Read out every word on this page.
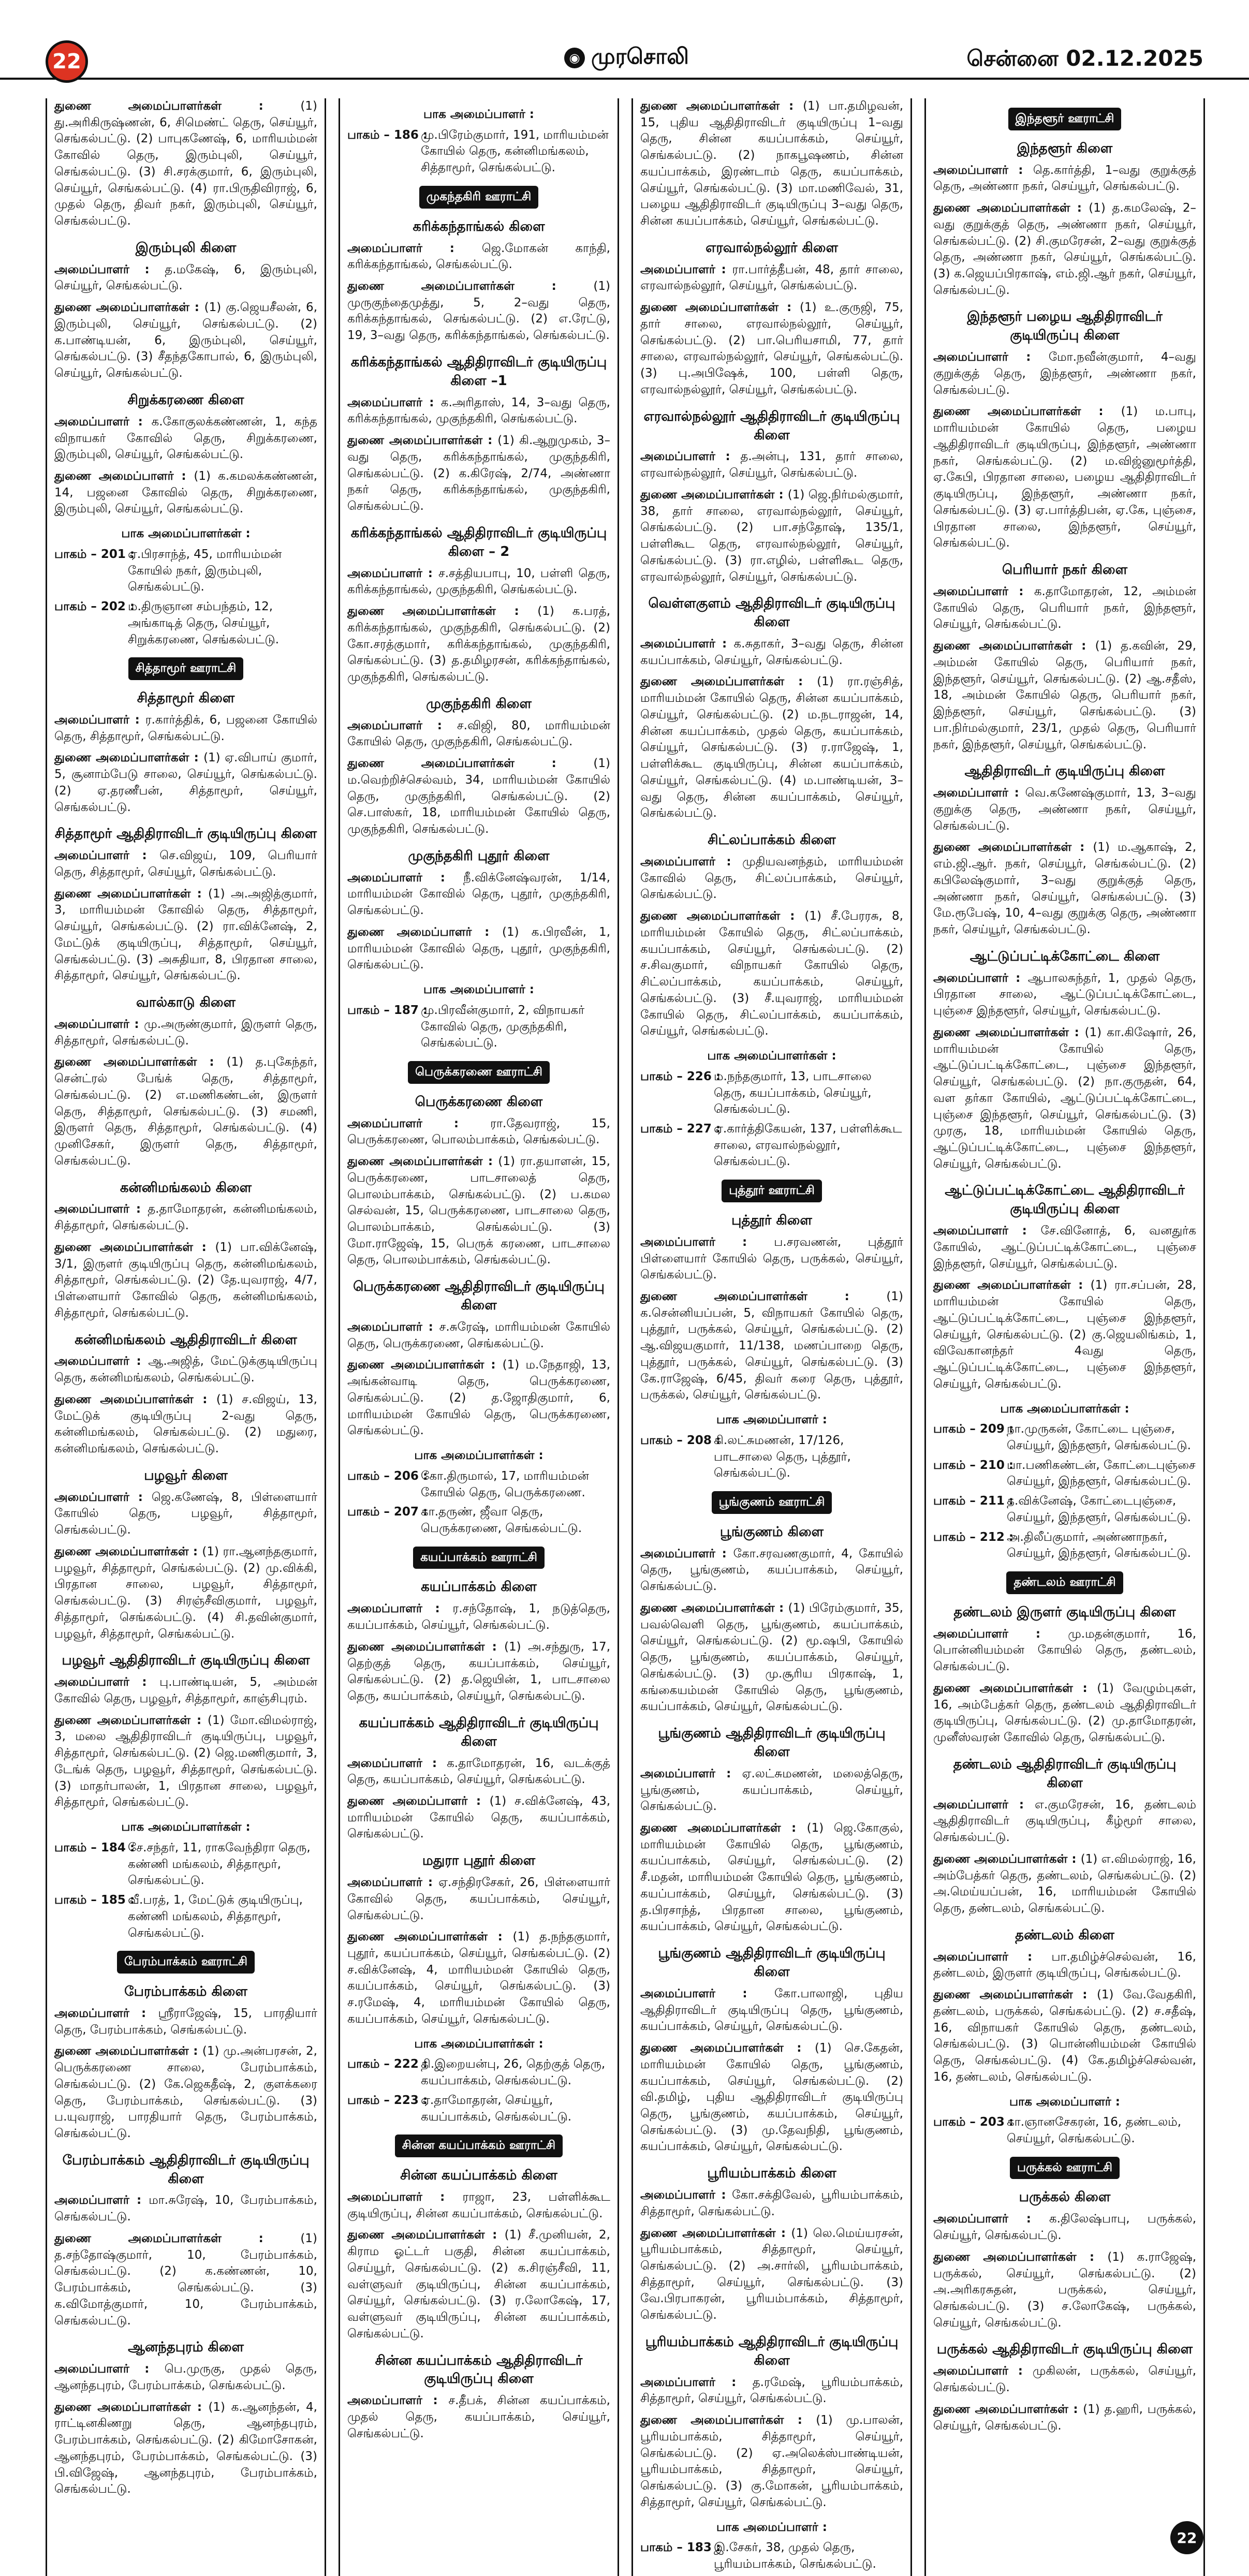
22	◉ முரசொலி	சென்னை 02.12.2025

துணை அமைப்பாளர்கள் : (1) து.அரிகிருஷ்ணன், 6, சிமெண்ட் தெரு, செய்யூர், செங்கல்பட்டு. (2) பாபுகணேஷ், 6, மாரியம்மன் கோவில் தெரு, இரும்புலி, செய்யூர், செங்கல்பட்டு. (3) சி.சரக்குமார், 6, இரும்புலி, செய்யூர், செங்கல்பட்டு. (4) ரா.பிருதிவிராஜ், 6, முதல் தெரு, திவர் நகர், இரும்புலி, செய்யூர், செங்கல்பட்டு.

இரும்புலி கிளை

அமைப்பாளர் : த.மகேஷ், 6, இரும்புலி, செய்யூர், செங்கல்பட்டு.

துணை அமைப்பாளர்கள் : (1) கு.ஜெயசீலன், 6, இரும்புலி, செய்யூர், செங்கல்பட்டு. (2) க.பாண்டியன், 6, இரும்புலி, செய்யூர், செங்கல்பட்டு. (3) சீதந்தகோபால், 6, இரும்புலி, செய்யூர், செங்கல்பட்டு.

சிறுக்கரணை கிளை

அமைப்பாளர் : க.கோகுலக்கண்ணன், 1, கந்த விநாயகர் கோவில் தெரு, சிறுக்கரணை, இரும்புலி, செய்யூர், செங்கல்பட்டு.

துணை அமைப்பாளர் : (1) க.கமலக்கண்ணன், 14, பஜனை கோவில் தெரு, சிறுக்கரணை, இரும்புலி, செய்யூர், செங்கல்பட்டு.

பாக அமைப்பாளர்கள் :
பாகம் – 201 :
ஏ.பிரசாந்த், 45, மாரியம்மன் கோயில் நகர், இரும்புலி, செங்கல்பட்டு.
பாகம் – 202 :
ம.திருஞான சம்பந்தம், 12, அங்காடித் தெரு, செய்யூர், சிறுக்கரணை, செங்கல்பட்டு.
சித்தாமூர் ஊராட்சி
சித்தாமூர் கிளை

அமைப்பாளர் : ர.கார்த்திக், 6, பஜனை கோயில் தெரு, சித்தாமூர், செங்கல்பட்டு.

துணை அமைப்பாளர்கள் : (1) ஏ.விபாய் குமார், 5, சூனாம்பேடு சாலை, செய்யூர், செங்கல்பட்டு. (2) ஏ.தரணீபன், சித்தாமூர், செய்யூர், செங்கல்பட்டு.

சித்தாமூர் ஆதிதிராவிடர் குடியிருப்பு கிளை

அமைப்பாளர் : செ.விஜய், 109, பெரியார் தெரு, சித்தாமூர், செய்யூர், செங்கல்பட்டு.

துணை அமைப்பாளர்கள் : (1) அ.அஜித்குமார், 3, மாரியம்மன் கோவில் தெரு, சித்தாமூர், செய்யூர், செங்கல்பட்டு. (2) ரா.விக்னேஷ், 2, மேட்டுக் குடியிருப்பு, சித்தாமூர், செய்யூர், செங்கல்பட்டு. (3) அசுதியா, 8, பிரதான சாலை, சித்தாமூர், செய்யூர், செங்கல்பட்டு.

வால்காடு கிளை

அமைப்பாளர் : மு.அருண்குமார், இருளர் தெரு, சித்தாமூர், செங்கல்பட்டு.

துணை அமைப்பாளர்கள் : (1) த.புகேந்தர், சென்ட்ரல் பேங்க் தெரு, சித்தாமூர், செங்கல்பட்டு. (2) எ.மணிகண்டன், இருளர் தெரு, சித்தாமூர், செங்கல்பட்டு. (3) சமணி, இருளர் தெரு, சித்தாமூர், செங்கல்பட்டு. (4) முனிசேகர், இருளர் தெரு, சித்தாமூர், செங்கல்பட்டு.

கன்னிமங்கலம் கிளை

அமைப்பாளர் : த.தாமோதரன், கன்னிமங்கலம், சித்தாமூர், செங்கல்பட்டு.

துணை அமைப்பாளர்கள் : (1) பா.விக்னேஷ், 3/1, இருளர் குடியிருப்பு தெரு, கன்னிமங்கலம், சித்தாமூர், செங்கல்பட்டு. (2) தே.யுவராஜ், 4/7, பிள்ளையார் கோவில் தெரு, கன்னிமங்கலம், சித்தாமூர், செங்கல்பட்டு.

கன்னிமங்கலம் ஆதிதிராவிடர் கிளை

அமைப்பாளர் : ஆ.அஜித், மேட்டுக்குடியிருப்பு தெரு, கன்னிமங்கலம், செங்கல்பட்டு.

துணை அமைப்பாளர்கள் : (1) ச.விஜய், 13, மேட்டுக் குடியிருப்பு 2-வது தெரு, கன்னிமங்கலம், செங்கல்பட்டு. (2) மதுரை, கன்னிமங்கலம், செங்கல்பட்டு.

பழவூர் கிளை

அமைப்பாளர் : ஜெ.கணேஷ், 8, பிள்ளையார் கோயில் தெரு, பழவூர், சித்தாமூர், செங்கல்பட்டு.

துணை அமைப்பாளர்கள் : (1) ரா.ஆனந்தகுமார், பழவூர், சித்தாமூர், செங்கல்பட்டு. (2) மு.விக்கி, பிரதான சாலை, பழவூர், சித்தாமூர், செங்கல்பட்டு. (3) சிரஞ்சீவிகுமார், பழவூர், சித்தாமூர், செங்கல்பட்டு. (4) சி.தவின்குமார், பழவூர், சித்தாமூர், செங்கல்பட்டு.

பழவூர் ஆதிதிராவிடர் குடியிருப்பு கிளை

அமைப்பாளர் : பு.பாண்டியன், 5, அம்மன் கோவில் தெரு, பழவூர், சித்தாமூர், காஞ்சிபுரம்.

துணை அமைப்பாளர்கள் : (1) மோ.விமல்ராஜ், 3, மலை ஆதிதிராவிடர் குடியிருப்பு, பழவூர், சித்தாமூர், செங்கல்பட்டு. (2) ஜெ.மணிகுமார், 3, டேங்க் தெரு, பழவூர், சித்தாமூர், செங்கல்பட்டு. (3) மாதர்பாலன், 1, பிரதான சாலை, பழவூர், சித்தாமூர், செங்கல்பட்டு.

பாக அமைப்பாளர்கள் :
பாகம் – 184 :
சே.சந்தர், 11, ராகவேந்திரா தெரு, கண்ணி மங்கலம், சித்தாமூர், செங்கல்பட்டு.
பாகம் – 185 :
வீ.பரத், 1, மேட்டுக் குடியிருப்பு, கண்ணி மங்கலம், சித்தாமூர், செங்கல்பட்டு.
பேரம்பாக்கம் ஊராட்சி
பேரம்பாக்கம் கிளை

அமைப்பாளர் : ஸ்ரீராஜேஷ், 15, பாரதியார் தெரு, பேரம்பாக்கம், செங்கல்பட்டு.

துணை அமைப்பாளர்கள் : (1) மு.அன்பரசன், 2, பெருக்கரணை சாலை, பேரம்பாக்கம், செங்கல்பட்டு. (2) கே.ஜெகதீஷ், 2, குளக்கரை தெரு, பேரம்பாக்கம், செங்கல்பட்டு. (3) ப.யுவராஜ், பாரதியார் தெரு, பேரம்பாக்கம், செங்கல்பட்டு.

பேரம்பாக்கம் ஆதிதிராவிடர் குடியிருப்பு கிளை

அமைப்பாளர் : மா.சுரேஷ், 10, பேரம்பாக்கம், செங்கல்பட்டு.

துணை அமைப்பாளர்கள் : (1) த.சந்தோஷ்குமார், 10, பேரம்பாக்கம், செங்கல்பட்டு. (2) க.கண்ணன், 10, பேரம்பாக்கம், செங்கல்பட்டு. (3) க.விமோத்குமார், 10, பேரம்பாக்கம், செங்கல்பட்டு.

ஆனந்தபுரம் கிளை

அமைப்பாளர் : பெ.முருகு, முதல் தெரு, ஆனந்தபுரம், பேரம்பாக்கம், செங்கல்பட்டு.

துணை அமைப்பாளர்கள் : (1) க.ஆனந்தன், 4, ராட்டினகிணறு தெரு, ஆனந்தபுரம், பேரம்பாக்கம், செங்கல்பட்டு. (2) கிமோசோகன், ஆனந்தபுரம், பேரம்பாக்கம், செங்கல்பட்டு. (3) பி.விஜேஷ், ஆனந்தபுரம், பேரம்பாக்கம், செங்கல்பட்டு.

பாக அமைப்பாளர் :
பாகம் – 186 :
மு.பிரேம்குமார், 191, மாரியம்மன் கோயில் தெரு, கன்னிமங்கலம், சித்தாமூர், செங்கல்பட்டு.
முகந்தகிரி ஊராட்சி
கரிக்கந்தாங்கல் கிளை

அமைப்பாளர் : ஜெ.மோகன் காந்தி, கரிக்கந்தாங்கல், செங்கல்பட்டு.

துணை அமைப்பாளர்கள் : (1) முருகுந்தைமுத்து, 5, 2–வது தெரு, கரிக்கந்தாங்கல், செங்கல்பட்டு. (2) எ.ரேட்டு, 19, 3–வது தெரு, கரிக்கந்தாங்கல், செங்கல்பட்டு.

கரிக்கந்தாங்கல் ஆதிதிராவிடர் குடியிருப்பு கிளை –1

அமைப்பாளர் : க.அரிதாஸ், 14, 3–வது தெரு, கரிக்கந்தாங்கல், முகுந்தகிரி, செங்கல்பட்டு.

துணை அமைப்பாளர்கள் : (1) கி.ஆறுமுகம், 3–வது தெரு, கரிக்கந்தாங்கல், முகுந்தகிரி, செங்கல்பட்டு. (2) க.கிரேஷ், 2/74, அண்ணா நகர் தெரு, கரிக்கந்தாங்கல், முகுந்தகிரி, செங்கல்பட்டு.

கரிக்கந்தாங்கல் ஆதிதிராவிடர் குடியிருப்பு கிளை – 2

அமைப்பாளர் : ச.சத்தியபாபு, 10, பள்ளி தெரு, கரிக்கந்தாங்கல், முகுந்தகிரி, செங்கல்பட்டு.

துணை அமைப்பாளர்கள் : (1) க.பரத், கரிக்கந்தாங்கல், முகுந்தகிரி, செங்கல்பட்டு. (2) கோ.சரத்குமார், கரிக்கந்தாங்கல், முகுந்தகிரி, செங்கல்பட்டு. (3) த.தமிழரசன், கரிக்கந்தாங்கல், முகுந்தகிரி, செங்கல்பட்டு.

முகுந்தகிரி கிளை

அமைப்பாளர் : ச.விஜி, 80, மாரியம்மன் கோயில் தெரு, முகுந்தகிரி, செங்கல்பட்டு.

துணை அமைப்பாளர்கள் : (1) ம.வெற்றிச்செல்வம், 34, மாரியம்மன் கோயில் தெரு, முகுந்தகிரி, செங்கல்பட்டு. (2) செ.பாஸ்கர், 18, மாரியம்மன் கோயில் தெரு, முகுந்தகிரி, செங்கல்பட்டு.

முகுந்தகிரி புதூர் கிளை

அமைப்பாளர் : நீ.விக்னேஷ்வரன், 1/14, மாரியம்மன் கோவில் தெரு, புதூர், முகுந்தகிரி, செங்கல்பட்டு.

துணை அமைப்பாளர் : (1) க.பிரவீன், 1, மாரியம்மன் கோவில் தெரு, புதூர், முகுந்தகிரி, செங்கல்பட்டு.

பாக அமைப்பாளர் :
பாகம் – 187 :
மு.பிரவீன்குமார், 2, விநாயகர் கோவில் தெரு, முகுந்தகிரி, செங்கல்பட்டு.
பெருக்கரணை ஊராட்சி
பெருக்கரணை கிளை

அமைப்பாளர் : ரா.தேவராஜ், 15, பெருக்கரணை, பொலம்பாக்கம், செங்கல்பட்டு.

துணை அமைப்பாளர்கள் : (1) ரா.தயாளன், 15, பெருக்கரணை, பாடசாலைத் தெரு, பொலம்பாக்கம், செங்கல்பட்டு. (2) ப.கமல செல்வன், 15, பெருக்கரணை, பாடசாலை தெரு, பொலம்பாக்கம், செங்கல்பட்டு. (3) மோ.ராஜேஷ், 15, பெருக் கரணை, பாடசாலை தெரு, பொலம்பாக்கம், செங்கல்பட்டு.

பெருக்கரணை ஆதிதிராவிடர் குடியிருப்பு கிளை

அமைப்பாளர் : ச.சுரேஷ், மாரியம்மன் கோயில் தெரு, பெருக்கரணை, செங்கல்பட்டு.

துணை அமைப்பாளர்கள் : (1) ம.நேதாஜி, 13, அங்கன்வாடி தெரு, பெருக்கரணை, செங்கல்பட்டு. (2) த.ஜோதிகுமார், 6, மாரியம்மன் கோயில் தெரு, பெருக்கரணை, செங்கல்பட்டு.

பாக அமைப்பாளர்கள் :
பாகம் – 206 :
கோ.திருமால், 17, மாரியம்மன் கோயில் தெரு, பெருக்கரணை.
பாகம் – 207 :
கா.தருண், ஜீவா தெரு, பெருக்கரணை, செங்கல்பட்டு.
கயப்பாக்கம் ஊராட்சி
கயப்பாக்கம் கிளை

அமைப்பாளர் : ர.சந்தோஷ், 1, நடுத்தெரு, கயப்பாக்கம், செய்யூர், செங்கல்பட்டு.

துணை அமைப்பாளர்கள் : (1) அ.சந்துரு, 17, தெற்குத் தெரு, கயப்பாக்கம், செய்யூர், செங்கல்பட்டு. (2) த.ஜெயின், 1, பாடசாலை தெரு, கயப்பாக்கம், செய்யூர், செங்கல்பட்டு.

கயப்பாக்கம் ஆதிதிராவிடர் குடியிருப்பு கிளை

அமைப்பாளர் : க.தாமோதரன், 16, வடக்குத் தெரு, கயப்பாக்கம், செய்யூர், செங்கல்பட்டு.

துணை அமைப்பாளர் : (1) ச.விக்னேஷ், 43, மாரியம்மன் கோயில் தெரு, கயப்பாக்கம், செங்கல்பட்டு.

மதுரா புதூர் கிளை

அமைப்பாளர் : ஏ.சந்திரசேகர், 26, பிள்ளையார் கோவில் தெரு, கயப்பாக்கம், செய்யூர், செங்கல்பட்டு.

துணை அமைப்பாளர்கள் : (1) த.நந்தகுமார், புதூர், கயப்பாக்கம், செய்யூர், செங்கல்பட்டு. (2) ச.விக்னேஷ், 4, மாரியம்மன் கோயில் தெரு, கயப்பாக்கம், செய்யூர், செங்கல்பட்டு. (3) ச.ரமேஷ், 4, மாரியம்மன் கோயில் தெரு, கயப்பாக்கம், செய்யூர், செங்கல்பட்டு.

பாக அமைப்பாளர்கள் :
பாகம் – 222 :
தி.இறையன்பு, 26, தெற்குத் தெரு, கயப்பாக்கம், செங்கல்பட்டு.
பாகம் – 223 :
ஏ.தாமோதரன், செய்யூர், கயப்பாக்கம், செங்கல்பட்டு.
சின்ன கயப்பாக்கம் ஊராட்சி
சின்ன கயப்பாக்கம் கிளை

அமைப்பாளர் : ராஜா, 23, பள்ளிக்கூட குடியிருப்பு, சின்ன கயப்பாக்கம், செங்கல்பட்டு.

துணை அமைப்பாளர்கள் : (1) சீ.முனியன், 2, கிராம ஓட்டர் பகுதி, சின்ன கயப்பாக்கம், செய்யூர், செங்கல்பட்டு. (2) க.சிரஞ்சீவி, 11, வள்ளுவர் குடியிருப்பு, சின்ன கயப்பாக்கம், செய்யூர், செங்கல்பட்டு. (3) ர.லோகேஷ், 17, வள்ளுவர் குடியிருப்பு, சின்ன கயப்பாக்கம், செங்கல்பட்டு.

சின்ன கயப்பாக்கம் ஆதிதிராவிடர் குடியிருப்பு கிளை

அமைப்பாளர் : ச.தீபக், சின்ன கயப்பாக்கம், முதல் தெரு, கயப்பாக்கம், செய்யூர், செங்கல்பட்டு.

துணை அமைப்பாளர்கள் : (1) பா.தமிழவன், 15, புதிய ஆதிதிராவிடர் குடியிருப்பு 1–வது தெரு, சின்ன கயப்பாக்கம், செய்யூர், செங்கல்பட்டு. (2) நாகபூஷணம், சின்ன கயப்பாக்கம், இரண்டாம் தெரு, கயப்பாக்கம், செய்யூர், செங்கல்பட்டு. (3) மா.மணிவேல், 31, பழைய ஆதிதிராவிடர் குடியிருப்பு 3–வது தெரு, சின்ன கயப்பாக்கம், செய்யூர், செங்கல்பட்டு.

எரவால்நல்லூர் கிளை

அமைப்பாளர் : ரா.பார்த்தீபன், 48, தார் சாலை, எரவால்நல்லூர், செய்யூர், செங்கல்பட்டு.

துணை அமைப்பாளர்கள் : (1) உ.குருஜி, 75, தார் சாலை, எரவால்நல்லூர், செய்யூர், செங்கல்பட்டு. (2) பா.பெரியசாமி, 77, தார் சாலை, எரவால்நல்லூர், செய்யூர், செங்கல்பட்டு. (3) பு.அபிஷேக், 100, பள்ளி தெரு, எரவால்நல்லூர், செய்யூர், செங்கல்பட்டு.

எரவால்நல்லூர் ஆதிதிராவிடர் குடியிருப்பு கிளை

அமைப்பாளர் : த.அன்பு, 131, தார் சாலை, எரவால்நல்லூர், செய்யூர், செங்கல்பட்டு.

துணை அமைப்பாளர்கள் : (1) ஜெ.நிர்மல்குமார், 38, தார் சாலை, எரவால்நல்லூர், செய்யூர், செங்கல்பட்டு. (2) பா.சந்தோஷ், 135/1, பள்ளிகூட தெரு, எரவால்நல்லூர், செய்யூர், செங்கல்பட்டு. (3) ரா.எழில், பள்ளிகூட தெரு, எரவால்நல்லூர், செய்யூர், செங்கல்பட்டு.

வெள்ளகுளம் ஆதிதிராவிடர் குடியிருப்பு கிளை

அமைப்பாளர் : க.சுதாகர், 3–வது தெரு, சின்ன கயப்பாக்கம், செய்யூர், செங்கல்பட்டு.

துணை அமைப்பாளர்கள் : (1) ரா.ரஞ்சித், மாரியம்மன் கோயில் தெரு, சின்ன கயப்பாக்கம், செய்யூர், செங்கல்பட்டு. (2) ம.நடராஜன், 14, சின்ன கயப்பாக்கம், முதல் தெரு, கயப்பாக்கம், செய்யூர், செங்கல்பட்டு. (3) ர.ராஜேஷ், 1, பள்ளிக்கூட குடியிருப்பு, சின்ன கயப்பாக்கம், செய்யூர், செங்கல்பட்டு. (4) ம.பாண்டியன், 3–வது தெரு, சின்ன கயப்பாக்கம், செய்யூர், செங்கல்பட்டு.

சிட்லப்பாக்கம் கிளை

அமைப்பாளர் : முதியவனந்தம், மாரியம்மன் கோவில் தெரு, சிட்லப்பாக்கம், செய்யூர், செங்கல்பட்டு.

துணை அமைப்பாளர்கள் : (1) சீ.பேரரசு, 8, மாரியம்மன் கோயில் தெரு, சிட்லப்பாக்கம், கயப்பாக்கம், செய்யூர், செங்கல்பட்டு. (2) ச.சிவகுமார், விநாயகர் கோயில் தெரு, சிட்லப்பாக்கம், கயப்பாக்கம், செய்யூர், செங்கல்பட்டு. (3) சீ.யுவராஜ், மாரியம்மன் கோயில் தெரு, சிட்லப்பாக்கம், கயப்பாக்கம், செய்யூர், செங்கல்பட்டு.

பாக அமைப்பாளர்கள் :
பாகம் – 226 :
ம.நந்தகுமார், 13, பாடசாலை தெரு, கயப்பாக்கம், செய்யூர், செங்கல்பட்டு.
பாகம் – 227 :
ஏ.கார்த்திகேயன், 137, பள்ளிக்கூட சாலை, எரவால்நல்லூர், செங்கல்பட்டு.
புத்தூர் ஊராட்சி
புத்தூர் கிளை

அமைப்பாளர் : ப.சரவணன், புத்தூர் பிள்ளையார் கோயில் தெரு, பருக்கல், செய்யூர், செங்கல்பட்டு.

துணை அமைப்பாளர்கள் : (1) க.சென்னியப்பன், 5, விநாயகர் கோயில் தெரு, புத்தூர், பருக்கல், செய்யூர், செங்கல்பட்டு. (2) ஆ.விஜயகுமார், 11/138, மணப்பாறை தெரு, புத்தூர், பருக்கல், செய்யூர், செங்கல்பட்டு. (3) கே.ராஜேஷ், 6/45, திவர் கரை தெரு, புத்தூர், பருக்கல், செய்யூர், செங்கல்பட்டு.

பாக அமைப்பாளர் :
பாகம் – 208 :
கி.லட்சுமணன், 17/126, பாடசாலை தெரு, புத்தூர், செங்கல்பட்டு.
பூங்குணம் ஊராட்சி
பூங்குணம் கிளை

அமைப்பாளர் : கோ.சரவணகுமார், 4, கோயில் தெரு, பூங்குணம், கயப்பாக்கம், செய்யூர், செங்கல்பட்டு.

துணை அமைப்பாளர்கள் : (1) பிரேம்குமார், 35, பவல்வெளி தெரு, பூங்குணம், கயப்பாக்கம், செய்யூர், செங்கல்பட்டு. (2) மூ.ஷபி, கோயில் தெரு, பூங்குணம், கயப்பாக்கம், செய்யூர், செங்கல்பட்டு. (3) மு.சூரிய பிரகாஷ், 1, கங்கையம்மன் கோயில் தெரு, பூங்குணம், கயப்பாக்கம், செய்யூர், செங்கல்பட்டு.

பூங்குணம் ஆதிதிராவிடர் குடியிருப்பு கிளை

அமைப்பாளர் : ஏ.லட்சுமணன், மலைத்தெரு, பூங்குணம், கயப்பாக்கம், செய்யூர், செங்கல்பட்டு.

துணை அமைப்பாளர்கள் : (1) ஜெ.கோகுல், மாரியம்மன் கோயில் தெரு, பூங்குணம், கயப்பாக்கம், செய்யூர், செங்கல்பட்டு. (2) சீ.மதன், மாரியம்மன் கோயில் தெரு, பூங்குணம், கயப்பாக்கம், செய்யூர், செங்கல்பட்டு. (3) த.பிரசாந்த், பிரதான சாலை, பூங்குணம், கயப்பாக்கம், செய்யூர், செங்கல்பட்டு.

பூங்குணம் ஆதிதிராவிடர் குடியிருப்பு கிளை

அமைப்பாளர் : கோ.பாலாஜி, புதிய ஆதிதிராவிடர் குடியிருப்பு தெரு, பூங்குணம், கயப்பாக்கம், செய்யூர், செங்கல்பட்டு.

துணை அமைப்பாளர்கள் : (1) செ.கேதன், மாரியம்மன் கோயில் தெரு, பூங்குணம், கயப்பாக்கம், செய்யூர், செங்கல்பட்டு. (2) வி.தமிழ், புதிய ஆதிதிராவிடர் குடியிருப்பு தெரு, பூங்குணம், கயப்பாக்கம், செய்யூர், செங்கல்பட்டு. (3) மு.தேவநிதி, பூங்குணம், கயப்பாக்கம், செய்யூர், செங்கல்பட்டு.

பூரியம்பாக்கம் கிளை

அமைப்பாளர் : கோ.சக்திவேல், பூரியம்பாக்கம், சித்தாமூர், செங்கல்பட்டு.

துணை அமைப்பாளர்கள் : (1) லெ.மெய்யரசன், பூரியம்பாக்கம், சித்தாமூர், செய்யூர், செங்கல்பட்டு. (2) அ.சார்லி, பூரியம்பாக்கம், சித்தாமூர், செய்யூர், செங்கல்பட்டு. (3) வே.பிரபாகரன், பூரியம்பாக்கம், சித்தாமூர், செங்கல்பட்டு.

பூரியம்பாக்கம் ஆதிதிராவிடர் குடியிருப்பு கிளை

அமைப்பாளர் : த.ரமேஷ், பூரியம்பாக்கம், சித்தாமூர், செய்யூர், செங்கல்பட்டு.

துணை அமைப்பாளர்கள் : (1) மு.பாலன், பூரியம்பாக்கம், சித்தாமூர், செய்யூர், செங்கல்பட்டு. (2) ஏ.அலெக்ஸ்பாண்டியன், பூரியம்பாக்கம், சித்தாமூர், செய்யூர், செங்கல்பட்டு. (3) கு.மோகன், பூரியம்பாக்கம், சித்தாமூர், செய்யூர், செங்கல்பட்டு.

பாக அமைப்பாளர் :
பாகம் – 183 :
இ.சேகர், 38, முதல் தெரு, பூரியம்பாக்கம், செங்கல்பட்டு.
இந்தளூர் ஊராட்சி
இந்தளூர் கிளை

அமைப்பாளர் : தெ.கார்த்தி, 1–வது குறுக்குத் தெரு, அண்ணா நகர், செய்யூர், செங்கல்பட்டு.

துணை அமைப்பாளர்கள் : (1) த.கமலேஷ், 2–வது குறுக்குத் தெரு, அண்ணா நகர், செய்யூர், செங்கல்பட்டு. (2) சி.குமரேசன், 2–வது குறுக்குத் தெரு, அண்ணா நகர், செய்யூர், செங்கல்பட்டு. (3) க.ஜெயப்பிரகாஷ், எம்.ஜி.ஆர் நகர், செய்யூர், செங்கல்பட்டு.

இந்தளூர் பழைய ஆதிதிராவிடர் குடியிருப்பு கிளை

அமைப்பாளர் : மோ.நவீன்குமார், 4–வது குறுக்குத் தெரு, இந்தளூர், அண்ணா நகர், செங்கல்பட்டு.

துணை அமைப்பாளர்கள் : (1) ம.பாபு, மாரியம்மன் கோயில் தெரு, பழைய ஆதிதிராவிடர் குடியிருப்பு, இந்தளூர், அண்ணா நகர், செங்கல்பட்டு. (2) ம.விஜ்னுமூர்த்தி, ஏ.கேபி, பிரதான சாலை, பழைய ஆதிதிராவிடர் குடியிருப்பு, இந்தளூர், அண்ணா நகர், செங்கல்பட்டு. (3) ஏ.பார்த்திபன், ஏ.கே, புஞ்சை, பிரதான சாலை, இந்தளூர், செய்யூர், செங்கல்பட்டு.

பெரியார் நகர் கிளை

அமைப்பாளர் : க.தாமோதரன், 12, அம்மன் கோயில் தெரு, பெரியார் நகர், இந்தளூர், செய்யூர், செங்கல்பட்டு.

துணை அமைப்பாளர்கள் : (1) த.கவின், 29, அம்மன் கோயில் தெரு, பெரியார் நகர், இந்தளூர், செய்யூர், செங்கல்பட்டு. (2) ஆ.சதீஸ், 18, அம்மன் கோயில் தெரு, பெரியார் நகர், இந்தளூர், செய்யூர், செங்கல்பட்டு. (3) பா.நிர்மல்குமார், 23/1, முதல் தெரு, பெரியார் நகர், இந்தளூர், செய்யூர், செங்கல்பட்டு.

ஆதிதிராவிடர் குடியிருப்பு கிளை

அமைப்பாளர் : வெ.கணேஷ்குமார், 13, 3–வது குறுக்கு தெரு, அண்ணா நகர், செய்யூர், செங்கல்பட்டு.

துணை அமைப்பாளர்கள் : (1) ம.ஆகாஷ், 2, எம்.ஜி.ஆர். நகர், செய்யூர், செங்கல்பட்டு. (2) கபிலேஷ்குமார், 3–வது குறுக்குத் தெரு, அண்ணா நகர், செய்யூர், செங்கல்பட்டு. (3) மே.ரூபேஷ், 10, 4–வது குறுக்கு தெரு, அண்ணா நகர், செய்யூர், செங்கல்பட்டு.

ஆட்டுப்பட்டிக்கோட்டை கிளை

அமைப்பாளர் : ஆபாலசுந்தர், 1, முதல் தெரு, பிரதான சாலை, ஆட்டுப்பட்டிக்கோட்டை, புஞ்சை இந்தளூர், செய்யூர், செங்கல்பட்டு.

துணை அமைப்பாளர்கள் : (1) கா.கிஷோர், 26, மாரியம்மன் கோயில் தெரு, ஆட்டுப்பட்டிக்கோட்டை, புஞ்சை இந்தளூர், செய்யூர், செங்கல்பட்டு. (2) நா.குருதன், 64, வள தர்கா கோயில், ஆட்டுப்பட்டிக்கோட்டை, புஞ்சை இந்தளூர், செய்யூர், செங்கல்பட்டு. (3) முரகு, 18, மாரியம்மன் கோயில் தெரு, ஆட்டுப்பட்டிக்கோட்டை, புஞ்சை இந்தளூர், செய்யூர், செங்கல்பட்டு.

ஆட்டுப்பட்டிக்கோட்டை ஆதிதிராவிடர் குடியிருப்பு கிளை

அமைப்பாளர் : சே.வினோத், 6, வனதுர்க கோயில், ஆட்டுப்பட்டிக்கோட்டை, புஞ்சை இந்தளூர், செய்யூர், செங்கல்பட்டு.

துணை அமைப்பாளர்கள் : (1) ரா.சப்பன், 28, மாரியம்மன் கோயில் தெரு, ஆட்டுப்பட்டிக்கோட்டை, புஞ்சை இந்தளூர், செய்யூர், செங்கல்பட்டு. (2) கு.ஜெயலிங்கம், 1, விவேகானந்தர் 4வது தெரு, ஆட்டுப்பட்டிக்கோட்டை, புஞ்சை இந்தளூர், செய்யூர், செங்கல்பட்டு.

பாக அமைப்பாளர்கள் :
பாகம் – 209 :
நா.முருகன், கோட்டை புஞ்சை, செய்யூர், இந்தளூர், செங்கல்பட்டு.
பாகம் – 210 :
பா.பணிகண்டன், கோட்டைபுஞ்சை செய்யூர், இந்தளூர், செங்கல்பட்டு.
பாகம் – 211 :
த.விக்னேஷ், கோட்டைபுஞ்சை, செய்யூர், இந்தளூர், செங்கல்பட்டு.
பாகம் – 212 :
அ.திலீப்குமார், அண்ணாநகர், செய்யூர், இந்தளூர், செங்கல்பட்டு.
தண்டலம் ஊராட்சி
தண்டலம் இருளர் குடியிருப்பு கிளை

அமைப்பாளர் : மு.மதன்குமார், 16, பொன்னியம்மன் கோயில் தெரு, தண்டலம், செங்கல்பட்டு.

துணை அமைப்பாளர்கள் : (1) வேழும்புகள், 16, அம்பேத்கர் தெரு, தண்டலம் ஆதிதிராவிடர் குடியிருப்பு, செங்கல்பட்டு. (2) மு.தாமோதரன், முனீஸ்வரன் கோவில் தெரு, செங்கல்பட்டு.

தண்டலம் ஆதிதிராவிடர் குடியிருப்பு கிளை

அமைப்பாளர் : எ.குமரேசன், 16, தண்டலம் ஆதிதிராவிடர் குடியிருப்பு, கீழ்மூர் சாலை, செங்கல்பட்டு.

துணை அமைப்பாளர்கள் : (1) எ.விமல்ராஜ், 16, அம்பேத்கர் தெரு, தண்டலம், செங்கல்பட்டு. (2) அ.மெய்யப்பன், 16, மாரியம்மன் கோயில் தெரு, தண்டலம், செங்கல்பட்டு.

தண்டலம் கிளை

அமைப்பாளர் : பா.தமிழ்ச்செல்வன், 16, தண்டலம், இருளர் குடியிருப்பு, செங்கல்பட்டு.

துணை அமைப்பாளர்கள் : (1) வே.வேதகிரி, தண்டலம், பருக்கல், செங்கல்பட்டு. (2) ச.சதீஷ், 16, விநாயகர் கோயில் தெரு, தண்டலம், செங்கல்பட்டு. (3) பொன்னியம்மன் கோயில் தெரு, செங்கல்பட்டு. (4) கே.தமிழ்ச்செல்வன், 16, தண்டலம், செங்கல்பட்டு.

பாக அமைப்பாளர் :
பாகம் – 203 :
கா.ஞானசேகரன், 16, தண்டலம், செய்யூர், செங்கல்பட்டு.
பருக்கல் ஊராட்சி
பருக்கல் கிளை

அமைப்பாளர் : க.திலேஷ்பாபு, பருக்கல், செய்யூர், செங்கல்பட்டு.

துணை அமைப்பாளர்கள் : (1) க.ராஜேஷ், பருக்கல், செய்யூர், செங்கல்பட்டு. (2) அ.அரிகரசுதன், பருக்கல், செய்யூர், செங்கல்பட்டு. (3) ச.லோகேஷ், பருக்கல், செய்யூர், செங்கல்பட்டு.

பருக்கல் ஆதிதிராவிடர் குடியிருப்பு கிளை

அமைப்பாளர் : முகிலன், பருக்கல், செய்யூர், செங்கல்பட்டு.

துணை அமைப்பாளர்கள் : (1) த.ஹரி, பருக்கல், செய்யூர், செங்கல்பட்டு.

22
